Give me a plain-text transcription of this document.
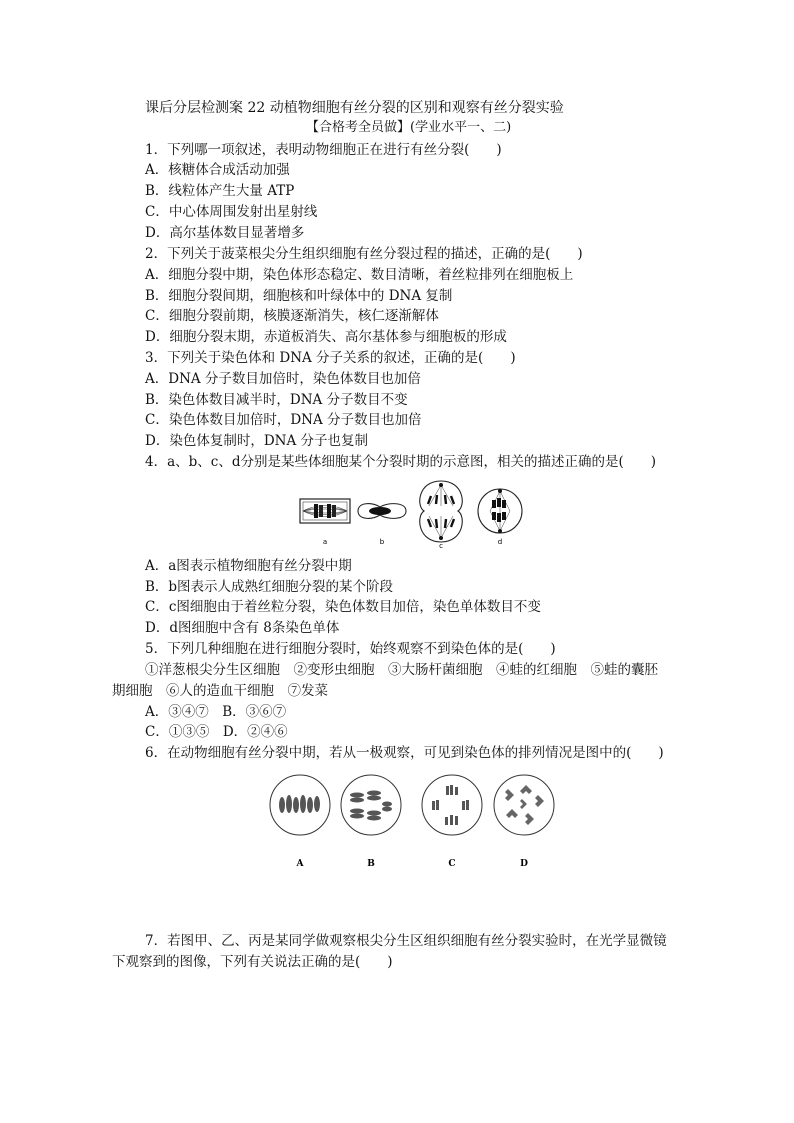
课后分层检测案 22 动植物细胞有丝分裂的区别和观察有丝分裂实验
【合格考全员做】(学业水平一、二)
1．下列哪一项叙述，表明动物细胞正在进行有丝分裂(　　)
A．核糖体合成活动加强
B．线粒体产生大量 ATP
C．中心体周围发射出星射线
D．高尔基体数目显著增多
2．下列关于菠菜根尖分生组织细胞有丝分裂过程的描述，正确的是(　　)
A．细胞分裂中期，染色体形态稳定、数目清晰，着丝粒排列在细胞板上
B．细胞分裂间期，细胞核和叶绿体中的 DNA 复制
C．细胞分裂前期，核膜逐渐消失，核仁逐渐解体
D．细胞分裂末期，赤道板消失、高尔基体参与细胞板的形成
3．下列关于染色体和 DNA 分子关系的叙述，正确的是(　　)
A．DNA 分子数目加倍时，染色体数目也加倍
B．染色体数目减半时，DNA 分子数目不变
C．染色体数目加倍时，DNA 分子数目也加倍
D．染色体复制时，DNA 分子也复制
4．a、b、c、d分别是某些体细胞某个分裂时期的示意图，相关的描述正确的是(　　)
a	b	c	d
A．a图表示植物细胞有丝分裂中期
B．b图表示人成熟红细胞分裂的某个阶段
C．c图细胞由于着丝粒分裂，染色体数目加倍，染色单体数目不变
D．d图细胞中含有 8条染色单体
5．下列几种细胞在进行细胞分裂时，始终观察不到染色体的是(　　)
①洋葱根尖分生区细胞　②变形虫细胞　③大肠杆菌细胞　④蛙的红细胞　⑤蛙的囊胚
期细胞　⑥人的造血干细胞　⑦发菜
A．③④⑦　B．③⑥⑦
C．①③⑤　D．②④⑥
6．在动物细胞有丝分裂中期，若从一极观察，可见到染色体的排列情况是图中的(　　)
A	B	C	D
7．若图甲、乙、丙是某同学做观察根尖分生区组织细胞有丝分裂实验时，在光学显微镜
下观察到的图像，下列有关说法正确的是(　　)
